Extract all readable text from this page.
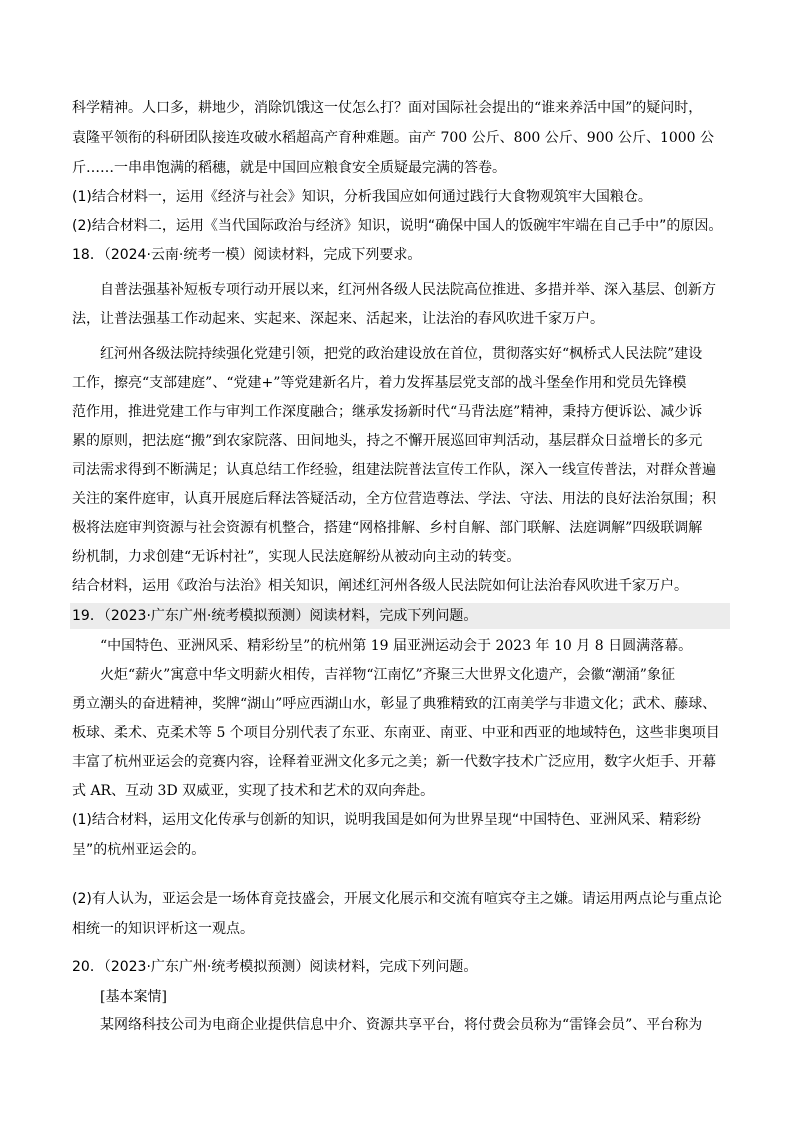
科学精神。人口多，耕地少，消除饥饿这一仗怎么打？面对国际社会提出的“谁来养活中国”的疑问时，
袁隆平领衔的科研团队接连攻破水稻超高产育种难题。亩产 700 公斤、800 公斤、900 公斤、1000 公
斤……一串串饱满的稻穗，就是中国回应粮食安全质疑最完满的答卷。
(1)结合材料一，运用《经济与社会》知识，分析我国应如何通过践行大食物观筑牢大国粮仓。
(2)结合材料二，运用《当代国际政治与经济》知识，说明“确保中国人的饭碗牢牢端在自己手中”的原因。
18．（2024·云南·统考一模）阅读材料，完成下列要求。
自普法强基补短板专项行动开展以来，红河州各级人民法院高位推进、多措并举、深入基层、创新方
法，让普法强基工作动起来、实起来、深起来、活起来，让法治的春风吹进千家万户。
红河州各级法院持续强化党建引领，把党的政治建设放在首位，贯彻落实好“枫桥式人民法院”建设
工作，擦亮“支部建庭”、“党建+”等党建新名片，着力发挥基层党支部的战斗堡垒作用和党员先锋模
范作用，推进党建工作与审判工作深度融合；继承发扬新时代“马背法庭”精神，秉持方便诉讼、减少诉
累的原则，把法庭“搬”到农家院落、田间地头，持之不懈开展巡回审判活动，基层群众日益增长的多元
司法需求得到不断满足；认真总结工作经验，组建法院普法宣传工作队，深入一线宣传普法，对群众普遍
关注的案件庭审，认真开展庭后释法答疑活动，全方位营造尊法、学法、守法、用法的良好法治氛围；积
极将法庭审判资源与社会资源有机整合，搭建“网格排解、乡村自解、部门联解、法庭调解”四级联调解
纷机制，力求创建“无诉村社”，实现人民法庭解纷从被动向主动的转变。
结合材料，运用《政治与法治》相关知识，阐述红河州各级人民法院如何让法治春风吹进千家万户。
19．（2023·广东广州·统考模拟预测）阅读材料，完成下列问题。
“中国特色、亚洲风采、精彩纷呈”的杭州第 19 届亚洲运动会于 2023 年 10 月 8 日圆满落幕。
火炬“薪火”寓意中华文明薪火相传，吉祥物“江南忆”齐聚三大世界文化遗产，会徽“潮涌”象征
勇立潮头的奋进精神，奖牌“湖山”呼应西湖山水，彰显了典雅精致的江南美学与非遗文化；武术、藤球、
板球、柔术、克柔术等 5 个项目分别代表了东亚、东南亚、南亚、中亚和西亚的地域特色，这些非奥项目
丰富了杭州亚运会的竞赛内容，诠释着亚洲文化多元之美；新一代数字技术广泛应用，数字火炬手、开幕
式 AR、互动 3D 双威亚，实现了技术和艺术的双向奔赴。
(1)结合材料，运用文化传承与创新的知识，说明我国是如何为世界呈现“中国特色、亚洲风采、精彩纷
呈”的杭州亚运会的。
(2)有人认为，亚运会是一场体育竞技盛会，开展文化展示和交流有喧宾夺主之嫌。请运用两点论与重点论
相统一的知识评析这一观点。
20．（2023·广东广州·统考模拟预测）阅读材料，完成下列问题。
[基本案情]
某网络科技公司为电商企业提供信息中介、资源共享平台，将付费会员称为“雷锋会员”、平台称为
